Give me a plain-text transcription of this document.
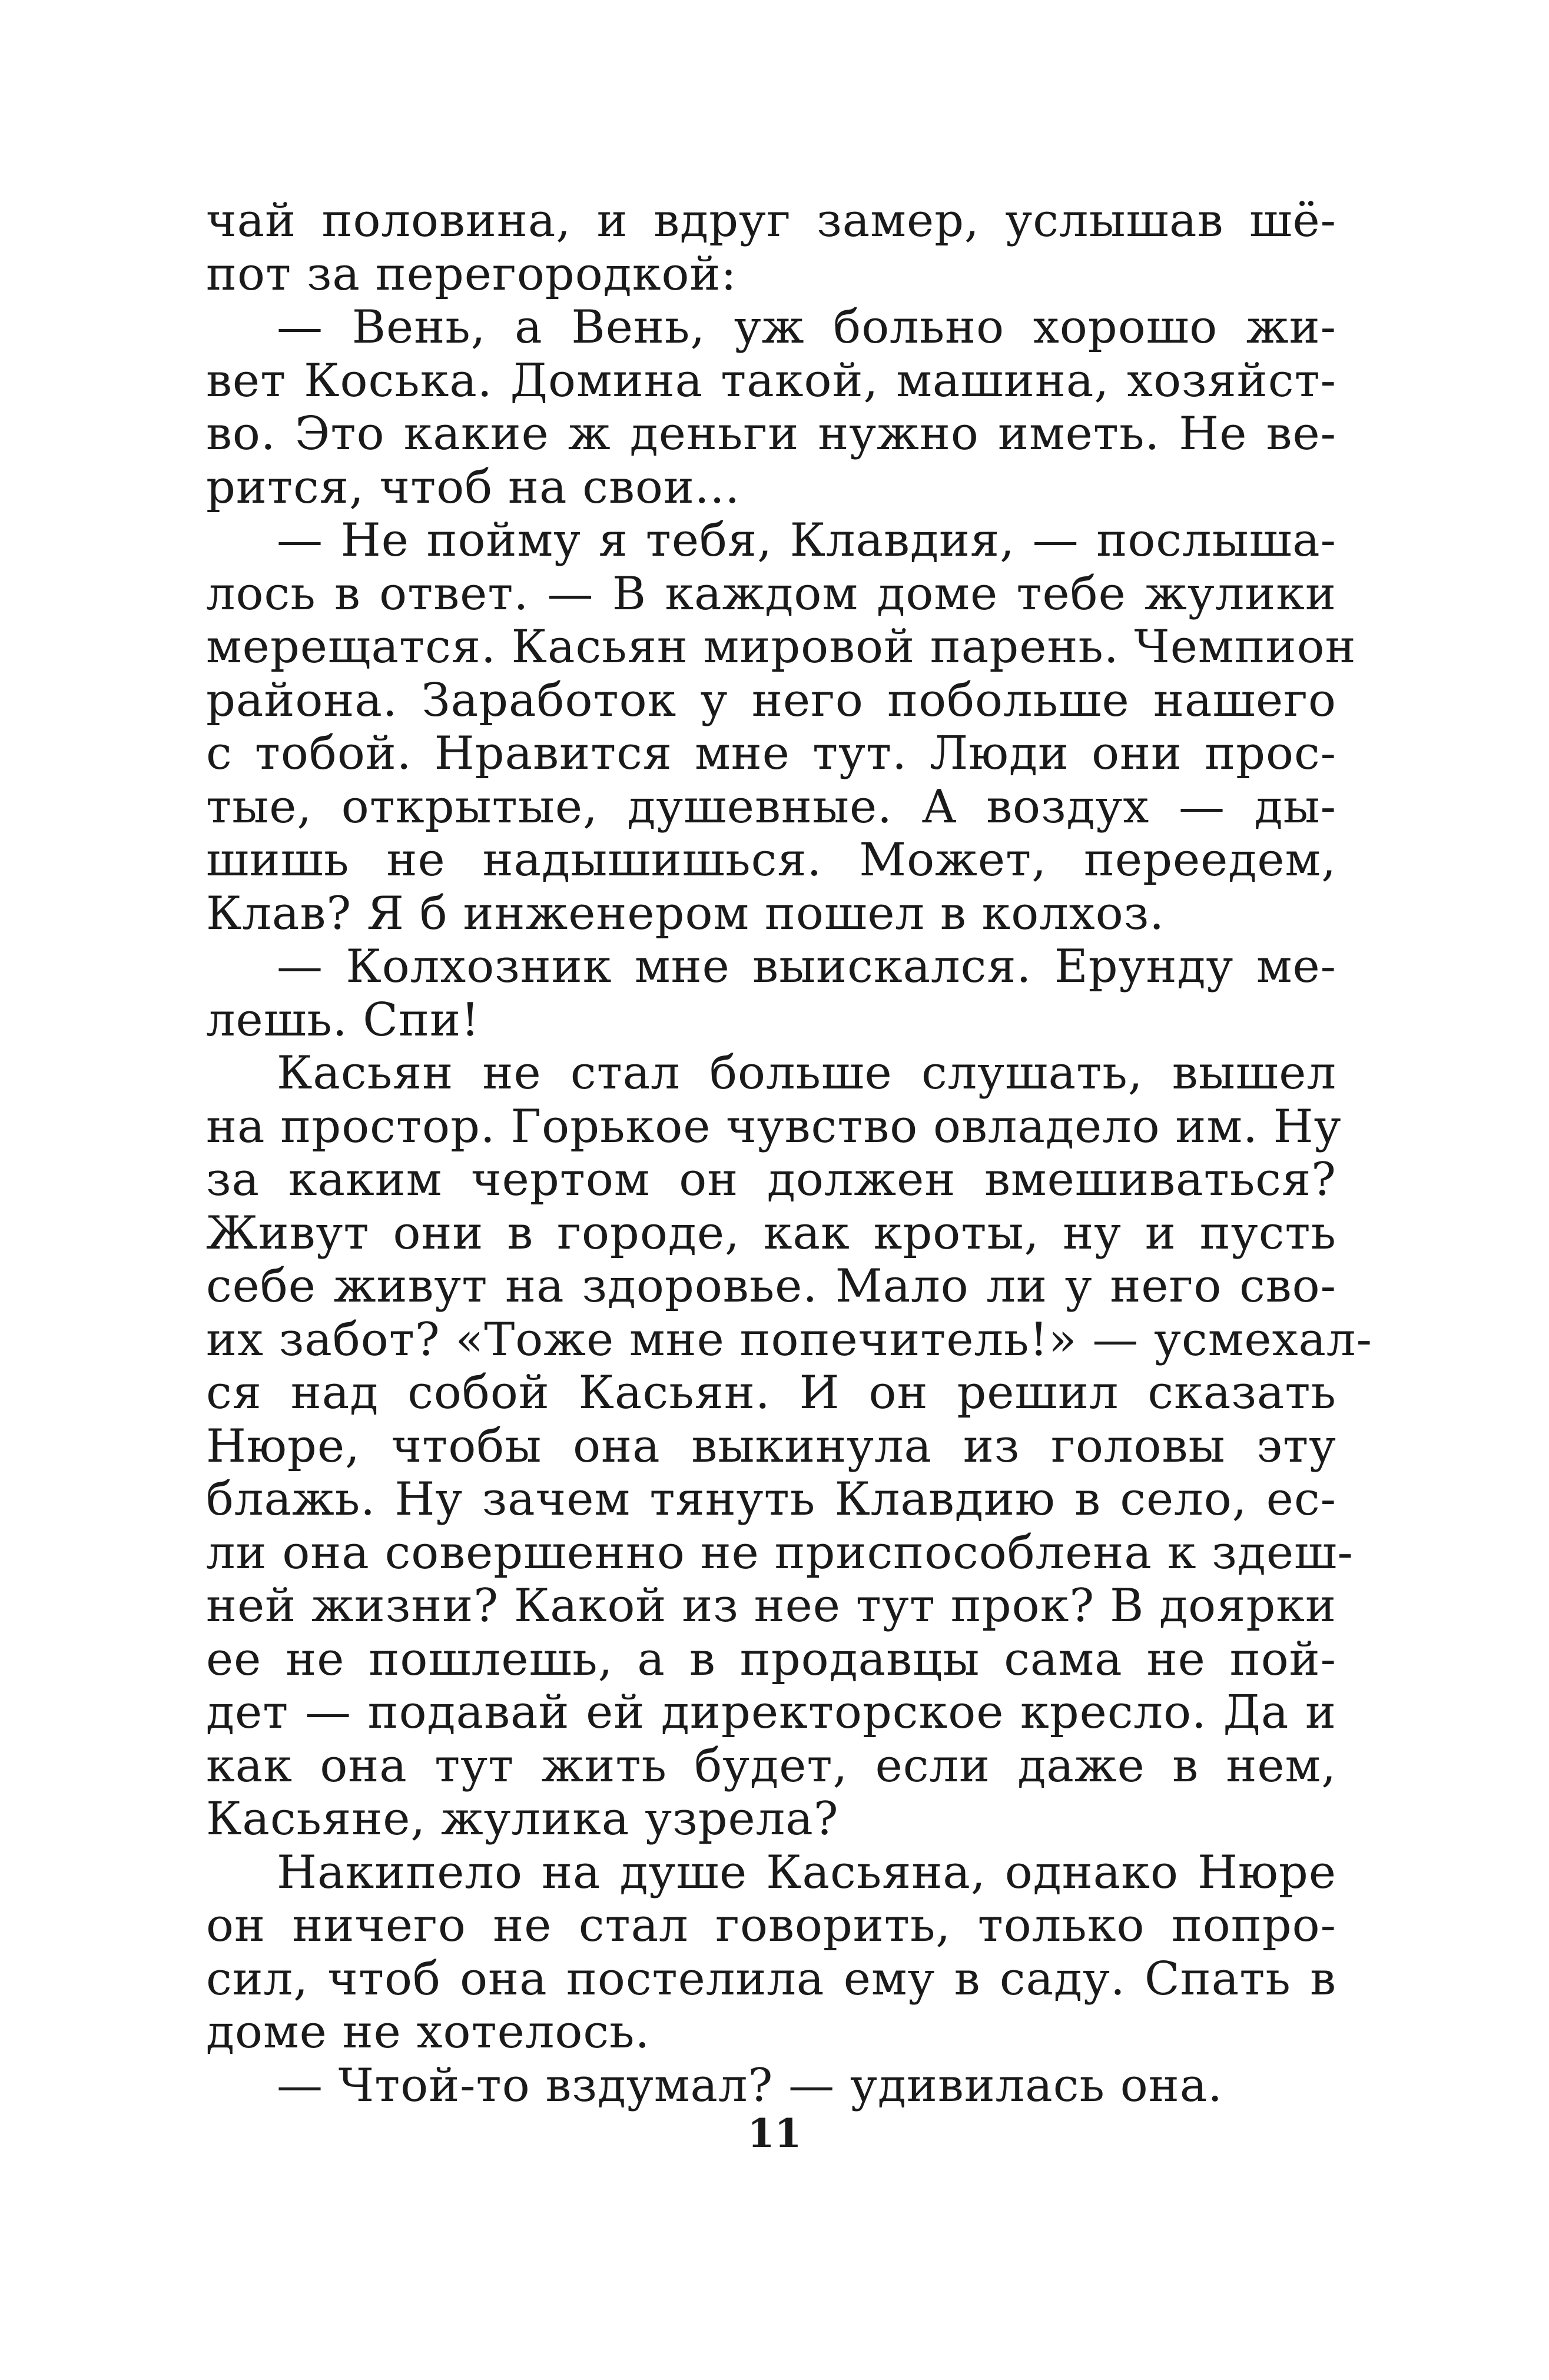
чай половина, и вдруг замер, услышав шё-
пот за перегородкой:
— Вень, а Вень, уж больно хорошо жи-
вет Коська. Домина такой, машина, хозяйст-
во. Это какие ж деньги нужно иметь. Не ве-
рится, чтоб на свои...
— Не пойму я тебя, Клавдия, — послыша-
лось в ответ. — В каждом доме тебе жулики
мерещатся. Касьян мировой парень. Чемпион
района. Заработок у него побольше нашего
с тобой. Нравится мне тут. Люди они прос-
тые, открытые, душевные. А воздух — ды-
шишь не надышишься. Может, переедем,
Клав? Я б инженером пошел в колхоз.
— Колхозник мне выискался. Ерунду ме-
лешь. Спи!
Касьян не стал больше слушать, вышел
на простор. Горькое чувство овладело им. Ну
за каким чертом он должен вмешиваться?
Живут они в городе, как кроты, ну и пусть
себе живут на здоровье. Мало ли у него сво-
их забот? «Тоже мне попечитель!» — усмехал-
ся над собой Касьян. И он решил сказать
Нюре, чтобы она выкинула из головы эту
блажь. Ну зачем тянуть Клавдию в село, ес-
ли она совершенно не приспособлена к здеш-
ней жизни? Какой из нее тут прок? В доярки
ее не пошлешь, а в продавцы сама не пой-
дет — подавай ей директорское кресло. Да и
как она тут жить будет, если даже в нем,
Касьяне, жулика узрела?
Накипело на душе Касьяна, однако Нюре
он ничего не стал говорить, только попро-
сил, чтоб она постелила ему в саду. Спать в
доме не хотелось.
— Чтой-то вздумал? — удивилась она.
11
